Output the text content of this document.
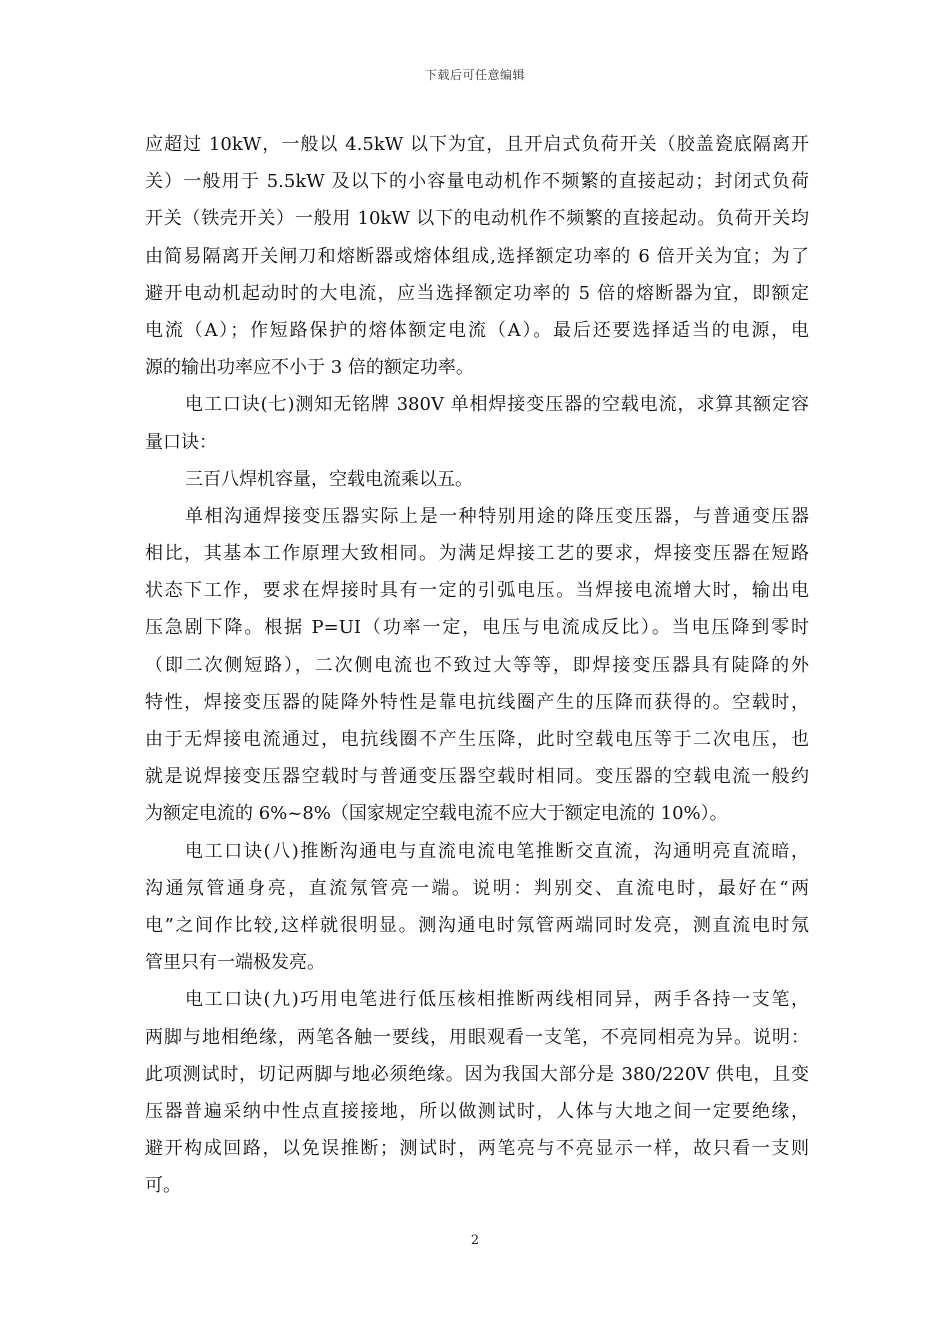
下载后可任意编辑
应超过 10kW，一般以 4.5kW 以下为宜，且开启式负荷开关（胶盖瓷底隔离开
关）一般用于 5.5kW 及以下的小容量电动机作不频繁的直接起动；封闭式负荷
开关（铁壳开关）一般用 10kW 以下的电动机作不频繁的直接起动。负荷开关均
由简易隔离开关闸刀和熔断器或熔体组成,选择额定功率的 6 倍开关为宜；为了
避开电动机起动时的大电流，应当选择额定功率的 5 倍的熔断器为宜，即额定
电流（A）；作短路保护的熔体额定电流（A）。最后还要选择适当的电源，电
源的输出功率应不小于 3 倍的额定功率。
电工口诀(七)测知无铭牌 380V 单相焊接变压器的空载电流，求算其额定容
量口诀：
三百八焊机容量，空载电流乘以五。
单相沟通焊接变压器实际上是一种特别用途的降压变压器，与普通变压器
相比，其基本工作原理大致相同。为满足焊接工艺的要求，焊接变压器在短路
状态下工作，要求在焊接时具有一定的引弧电压。当焊接电流增大时，输出电
压急剧下降。根据 P=UI（功率一定，电压与电流成反比）。当电压降到零时
（即二次侧短路），二次侧电流也不致过大等等，即焊接变压器具有陡降的外
特性，焊接变压器的陡降外特性是靠电抗线圈产生的压降而获得的。空载时，
由于无焊接电流通过，电抗线圈不产生压降，此时空载电压等于二次电压，也
就是说焊接变压器空载时与普通变压器空载时相同。变压器的空载电流一般约
为额定电流的 6%~8%（国家规定空载电流不应大于额定电流的 10%）。
电工口诀(八)推断沟通电与直流电流电笔推断交直流，沟通明亮直流暗，
沟通氖管通身亮，直流氖管亮一端。说明：判别交、直流电时，最好在“两
电”之间作比较,这样就很明显。测沟通电时氖管两端同时发亮，测直流电时氖
管里只有一端极发亮。
电工口诀(九)巧用电笔进行低压核相推断两线相同异，两手各持一支笔，
两脚与地相绝缘，两笔各触一要线，用眼观看一支笔，不亮同相亮为异。说明：
此项测试时，切记两脚与地必须绝缘。因为我国大部分是 380/220V 供电，且变
压器普遍采纳中性点直接接地，所以做测试时，人体与大地之间一定要绝缘，
避开构成回路，以免误推断；测试时，两笔亮与不亮显示一样，故只看一支则
可。
2
